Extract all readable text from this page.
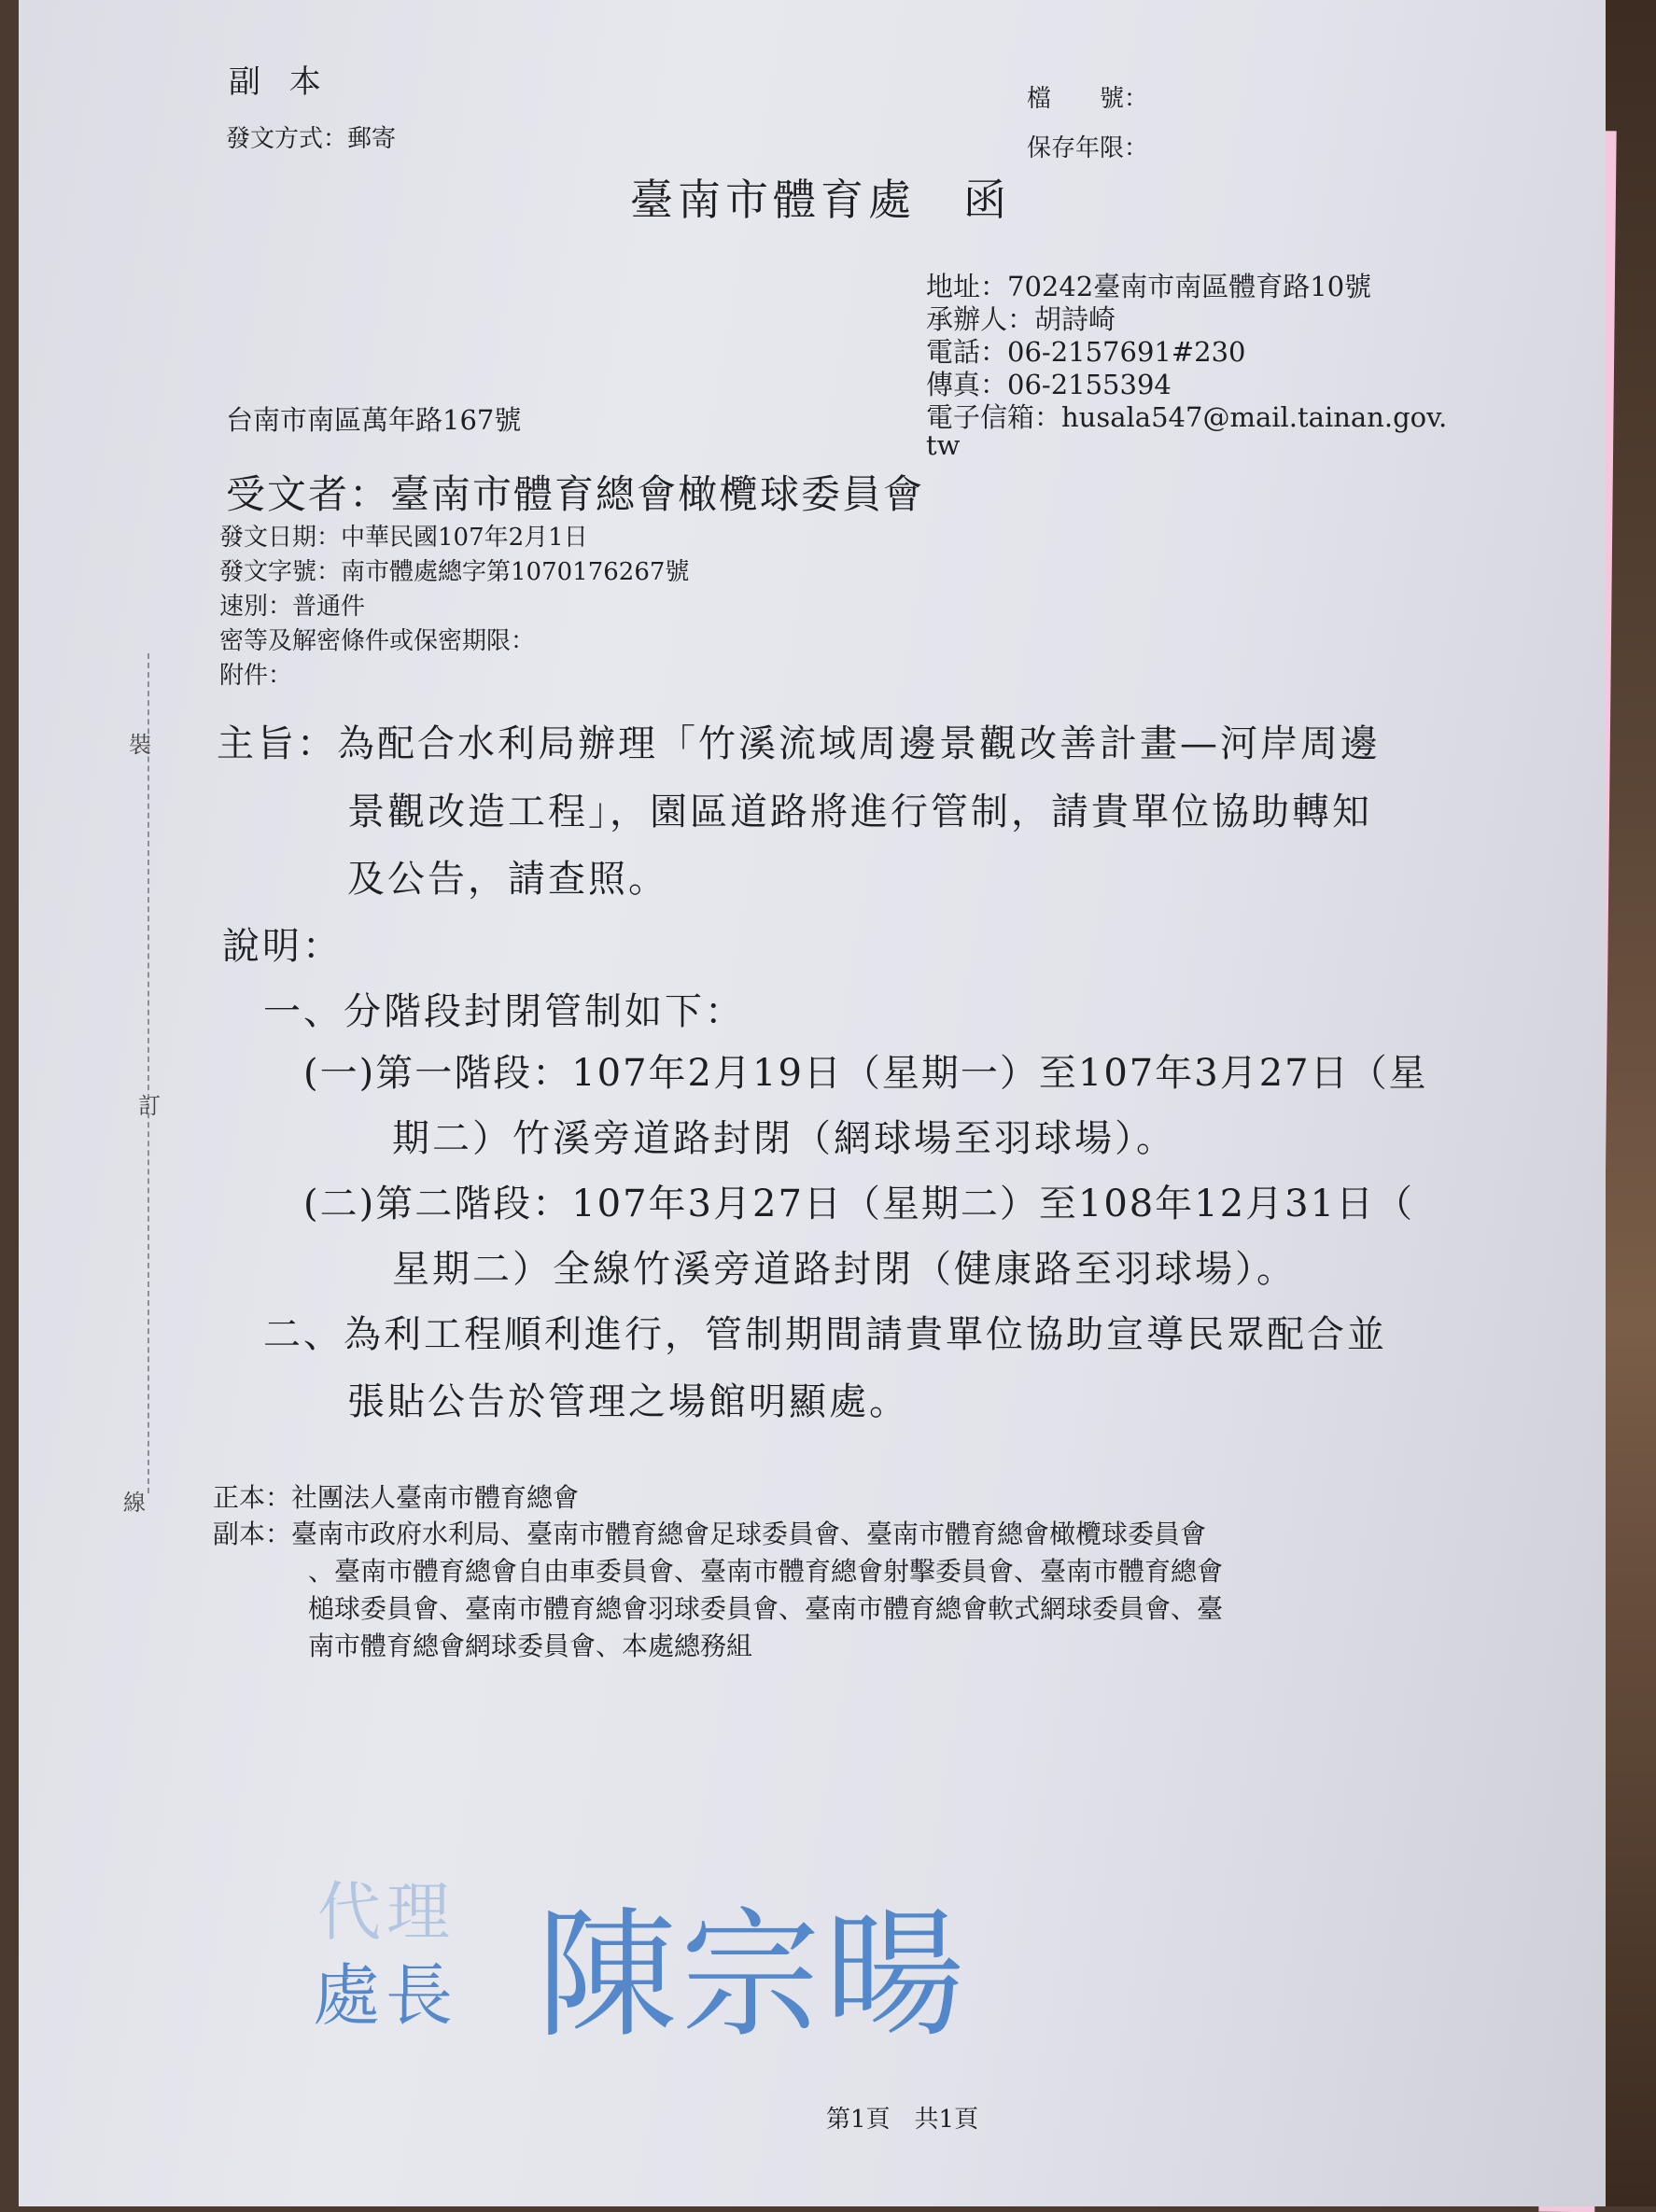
副 本
發文方式：郵寄
檔　　號：
保存年限：
臺南市體育處　函
地址：70242臺南市南區體育路10號
承辦人：胡詩崎
電話：06-2157691#230
傳真：06-2155394
電子信箱：husala547@mail.tainan.gov.
tw
台南市南區萬年路167號
受文者：臺南市體育總會橄欖球委員會
發文日期：中華民國107年2月1日
發文字號：南市體處總字第1070176267號
速別：普通件
密等及解密條件或保密期限：
附件：
裝
訂
線
主旨：為配合水利局辦理「竹溪流域周邊景觀改善計畫—河岸周邊
景觀改造工程」，園區道路將進行管制，請貴單位協助轉知
及公告，請查照。
說明：
一、分階段封閉管制如下：
(一)第一階段：107年2月19日（星期一）至107年3月27日（星
期二）竹溪旁道路封閉（網球場至羽球場）。
(二)第二階段：107年3月27日（星期二）至108年12月31日（
星期二）全線竹溪旁道路封閉（健康路至羽球場）。
二、為利工程順利進行，管制期間請貴單位協助宣導民眾配合並
張貼公告於管理之場館明顯處。
正本：社團法人臺南市體育總會
副本：臺南市政府水利局、臺南市體育總會足球委員會、臺南市體育總會橄欖球委員會
、臺南市體育總會自由車委員會、臺南市體育總會射擊委員會、臺南市體育總會
槌球委員會、臺南市體育總會羽球委員會、臺南市體育總會軟式網球委員會、臺
南市體育總會網球委員會、本處總務組
代理
處長 陳宗暘
第1頁　共1頁
